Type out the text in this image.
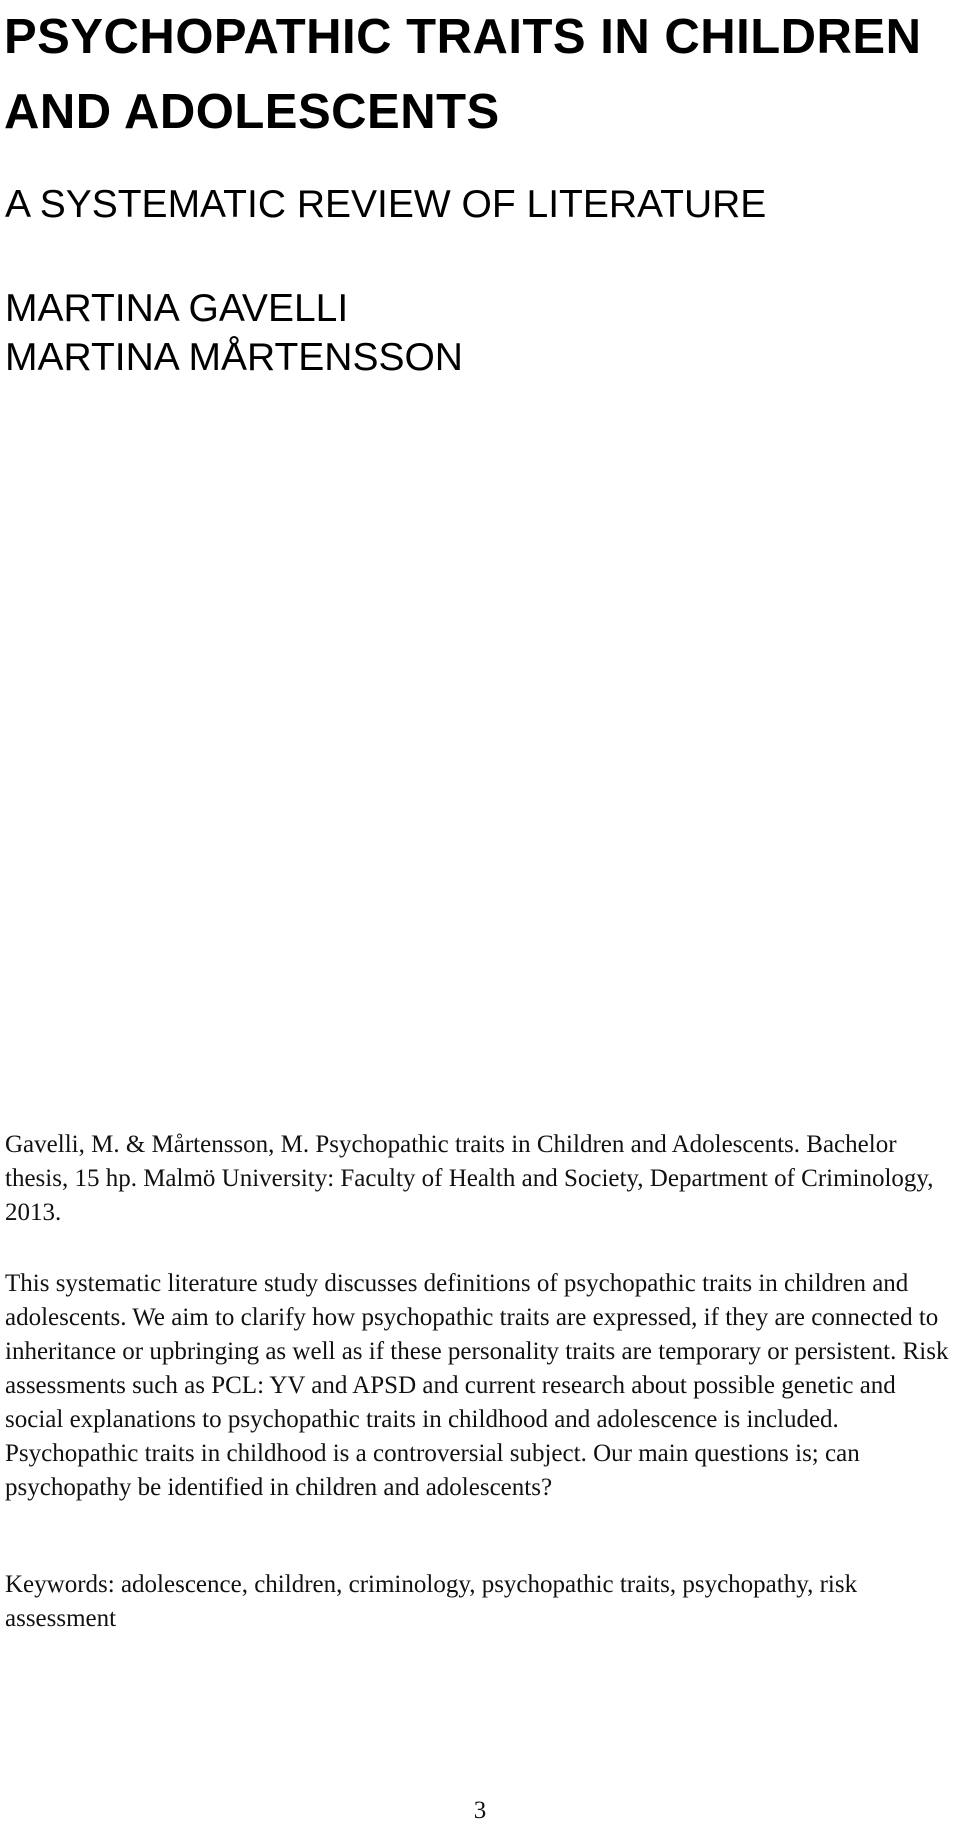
PSYCHOPATHIC TRAITS IN CHILDREN AND ADOLESCENTS
A SYSTEMATIC REVIEW OF LITERATURE
MARTINA GAVELLI
MARTINA MÅRTENSSON

Gavelli, M. & Mårtensson, M. Psychopathic traits in Children and Adolescents. Bachelor thesis, 15 hp. Malmö University: Faculty of Health and Society, Department of Criminology, 2013.

This systematic literature study discusses definitions of psychopathic traits in children and adolescents. We aim to clarify how psychopathic traits are expressed, if they are connected to inheritance or upbringing as well as if these personality traits are temporary or persistent. Risk assessments such as PCL: YV and APSD and current research about possible genetic and social explanations to psychopathic traits in childhood and adolescence is included. Psychopathic traits in childhood is a controversial subject. Our main questions is; can psychopathy be identified in children and adolescents?

Keywords: adolescence, children, criminology, psychopathic traits, psychopathy, risk assessment

3
